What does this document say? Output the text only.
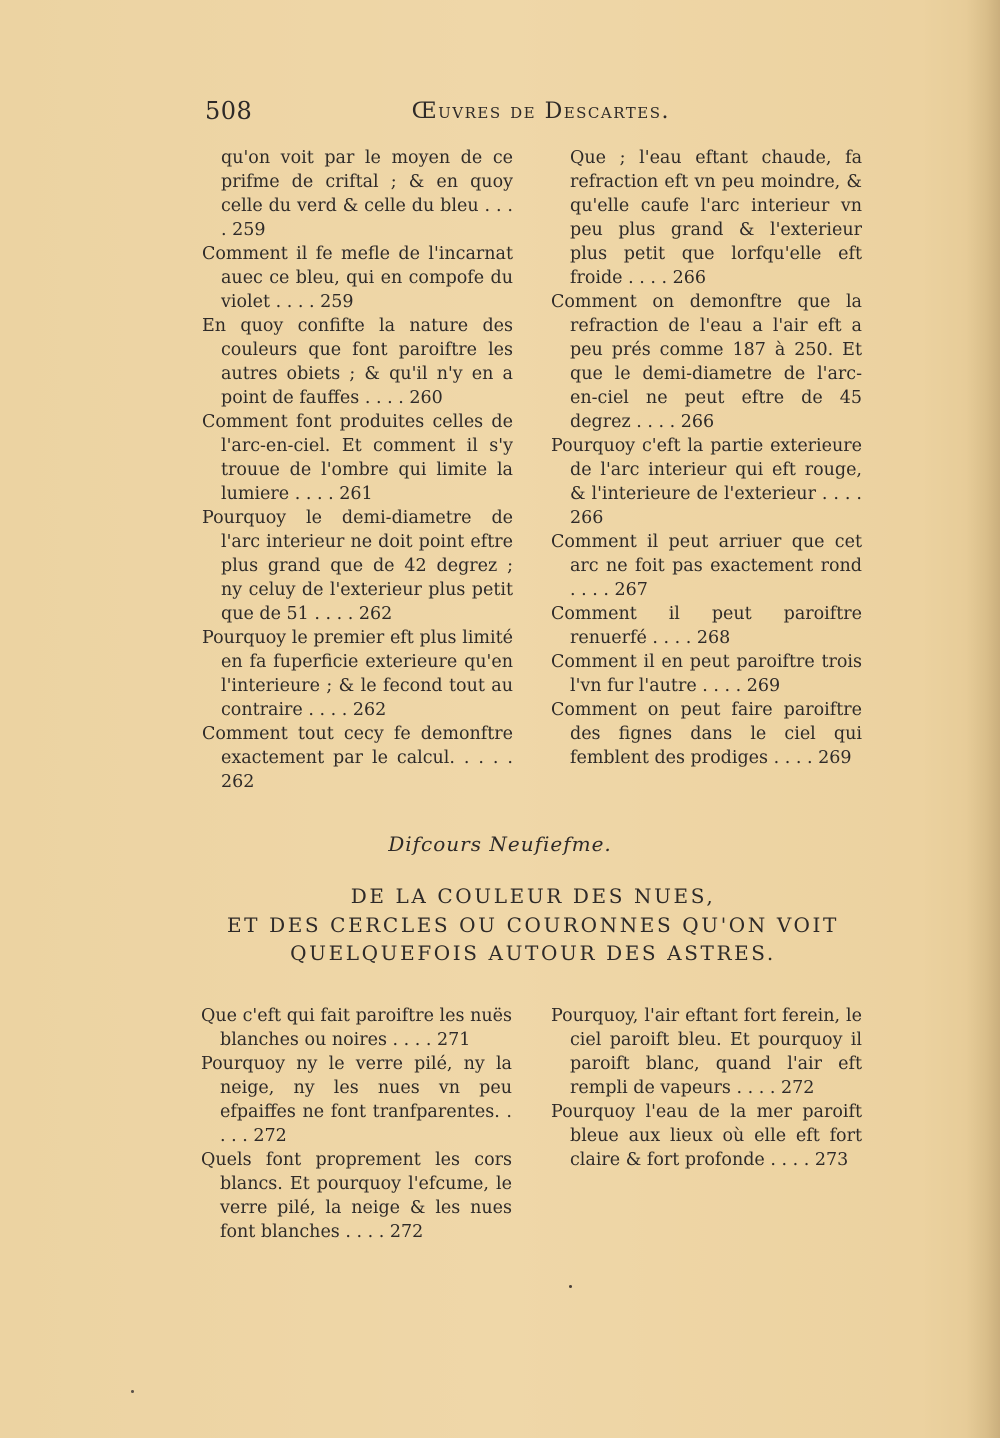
508	Œuvres de Descartes.
qu'on voit par le moyen de ce prifme de criftal ; & en quoy celle du verd & celle du bleu . . . . 259
Comment il fe mefle de l'incarnat auec ce bleu, qui en compofe du violet . . . . 259
En quoy confifte la nature des couleurs que font paroiftre les autres obiets ; & qu'il n'y en a point de fauffes . . . . 260
Comment font produites celles de l'arc-en-ciel. Et comment il s'y trouue de l'ombre qui limite la lumiere . . . . 261
Pourquoy le demi-diametre de l'arc interieur ne doit point eftre plus grand que de 42 degrez ; ny celuy de l'exterieur plus petit que de 51 . . . . 262
Pourquoy le premier eft plus limité en fa fuperficie exterieure qu'en l'interieure ; & le fecond tout au contraire . . . . 262
Comment tout cecy fe demonftre exactement par le calcul. . . . . 262
Que ; l'eau eftant chaude, fa refraction eft vn peu moindre, & qu'elle caufe l'arc interieur vn peu plus grand & l'exterieur plus petit que lorfqu'elle eft froide . . . . 266
Comment on demonftre que la refraction de l'eau a l'air eft a peu prés comme 187 à 250. Et que le demi-diametre de l'arc-en-ciel ne peut eftre de 45 degrez . . . . 266
Pourquoy c'eft la partie exterieure de l'arc interieur qui eft rouge, & l'interieure de l'exterieur . . . . 266
Comment il peut arriuer que cet arc ne foit pas exactement rond . . . . 267
Comment il peut paroiftre renuerfé . . . . 268
Comment il en peut paroiftre trois l'vn fur l'autre . . . . 269
Comment on peut faire paroiftre des fignes dans le ciel qui femblent des prodiges . . . . 269
Difcours Neufiefme.
DE LA COULEUR DES NUES,
ET DES CERCLES OU COURONNES QU'ON VOIT
QUELQUEFOIS AUTOUR DES ASTRES.
Que c'eft qui fait paroiftre les nuës blanches ou noires . . . . 271
Pourquoy ny le verre pilé, ny la neige, ny les nues vn peu efpaiffes ne font tranfparentes. . . . . 272
Quels font proprement les cors blancs. Et pourquoy l'efcume, le verre pilé, la neige & les nues font blanches . . . . 272
Pourquoy, l'air eftant fort ferein, le ciel paroift bleu. Et pourquoy il paroift blanc, quand l'air eft rempli de vapeurs . . . . 272
Pourquoy l'eau de la mer paroift bleue aux lieux où elle eft fort claire & fort profonde . . . . 273
